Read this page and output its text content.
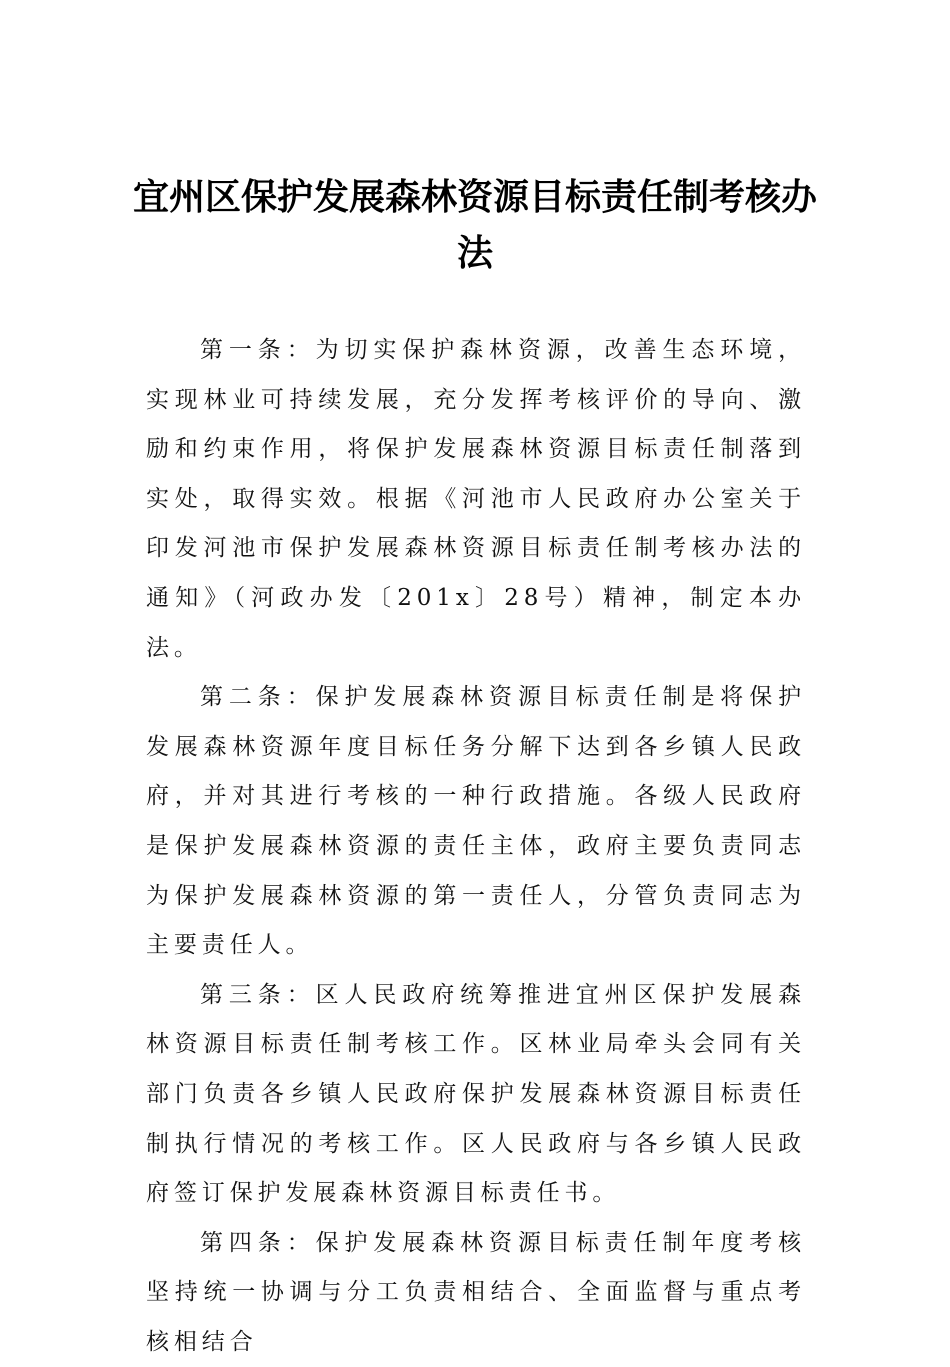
宜州区保护发展森林资源目标责任制考核办法

第一条：为切实保护森林资源，改善生态环境，实现林业可持续发展，充分发挥考核评价的导向、激励和约束作用，将保护发展森林资源目标责任制落到实处，取得实效。根据《河池市人民政府办公室关于印发河池市保护发展森林资源目标责任制考核办法的通知》（河政办发〔201x〕28号）精神，制定本办法。

第二条：保护发展森林资源目标责任制是将保护发展森林资源年度目标任务分解下达到各乡镇人民政府，并对其进行考核的一种行政措施。各级人民政府是保护发展森林资源的责任主体，政府主要负责同志为保护发展森林资源的第一责任人，分管负责同志为主要责任人。

第三条：区人民政府统筹推进宜州区保护发展森林资源目标责任制考核工作。区林业局牵头会同有关部门负责各乡镇人民政府保护发展森林资源目标责任制执行情况的考核工作。区人民政府与各乡镇人民政府签订保护发展森林资源目标责任书。

第四条：保护发展森林资源目标责任制年度考核坚持统一协调与分工负责相结合、全面监督与重点考核相结合
